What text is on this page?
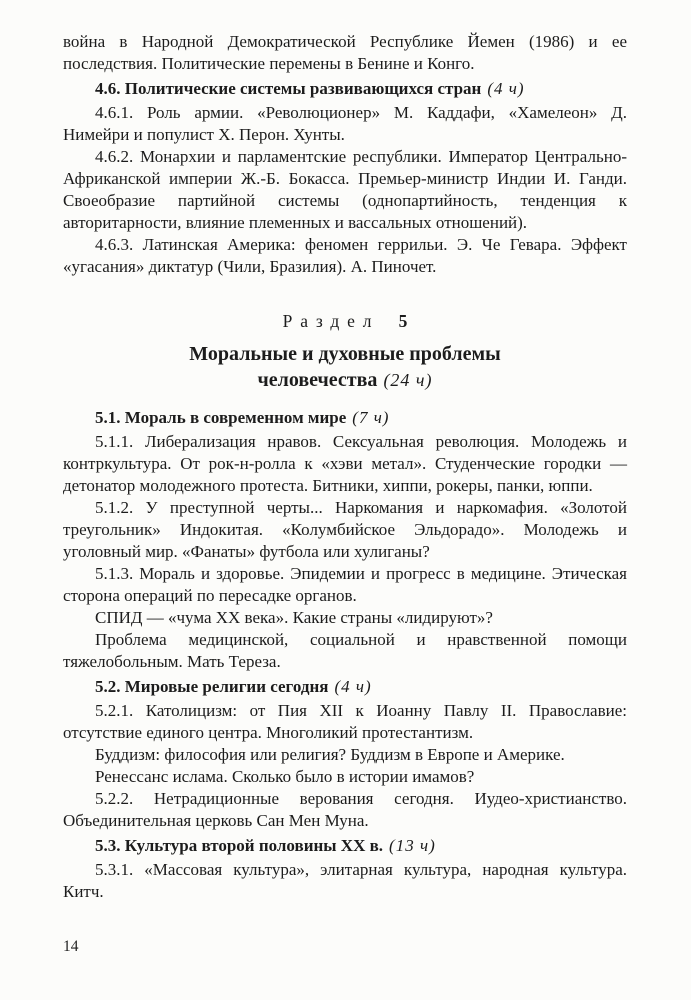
война в Народной Демократической Республике Йемен (1986) и ее последствия. Политические перемены в Бенине и Конго.

4.6. Политические системы развивающихся стран (4 ч)

4.6.1. Роль армии. «Революционер» М. Каддафи, «Хамелеон» Д. Нимейри и популист Х. Перон. Хунты.

4.6.2. Монархии и парламентские республики. Император Центрально-Африканской империи Ж.-Б. Бокасса. Премьер-министр Индии И. Ганди. Своеобразие партийной системы (однопартийность, тенденция к авторитарности, влияние племенных и вассальных отношений).

4.6.3. Латинская Америка: феномен геррильи. Э. Че Гевара. Эффект «угасания» диктатур (Чили, Бразилия). А. Пиночет.

Раздел 5
Моральные и духовные проблемы
человечества (24 ч)

5.1. Мораль в современном мире (7 ч)

5.1.1. Либерализация нравов. Сексуальная революция. Молодежь и контркультура. От рок-н-ролла к «хэви метал». Студенческие городки — детонатор молодежного протеста. Битники, хиппи, рокеры, панки, юппи.

5.1.2. У преступной черты... Наркомания и наркомафия. «Золотой треугольник» Индокитая. «Колумбийское Эльдорадо». Молодежь и уголовный мир. «Фанаты» футбола или хулиганы?

5.1.3. Мораль и здоровье. Эпидемии и прогресс в медицине. Этическая сторона операций по пересадке органов.

СПИД — «чума XX века». Какие страны «лидируют»?

Проблема медицинской, социальной и нравственной помощи тяжелобольным. Мать Тереза.

5.2. Мировые религии сегодня (4 ч)

5.2.1. Католицизм: от Пия XII к Иоанну Павлу II. Православие: отсутствие единого центра. Многоликий протестантизм.

Буддизм: философия или религия? Буддизм в Европе и Америке.

Ренессанс ислама. Сколько было в истории имамов?

5.2.2. Нетрадиционные верования сегодня. Иудео-христианство. Объединительная церковь Сан Мен Муна.

5.3. Культура второй половины XX в. (13 ч)

5.3.1. «Массовая культура», элитарная культура, народная культура. Китч.

14
